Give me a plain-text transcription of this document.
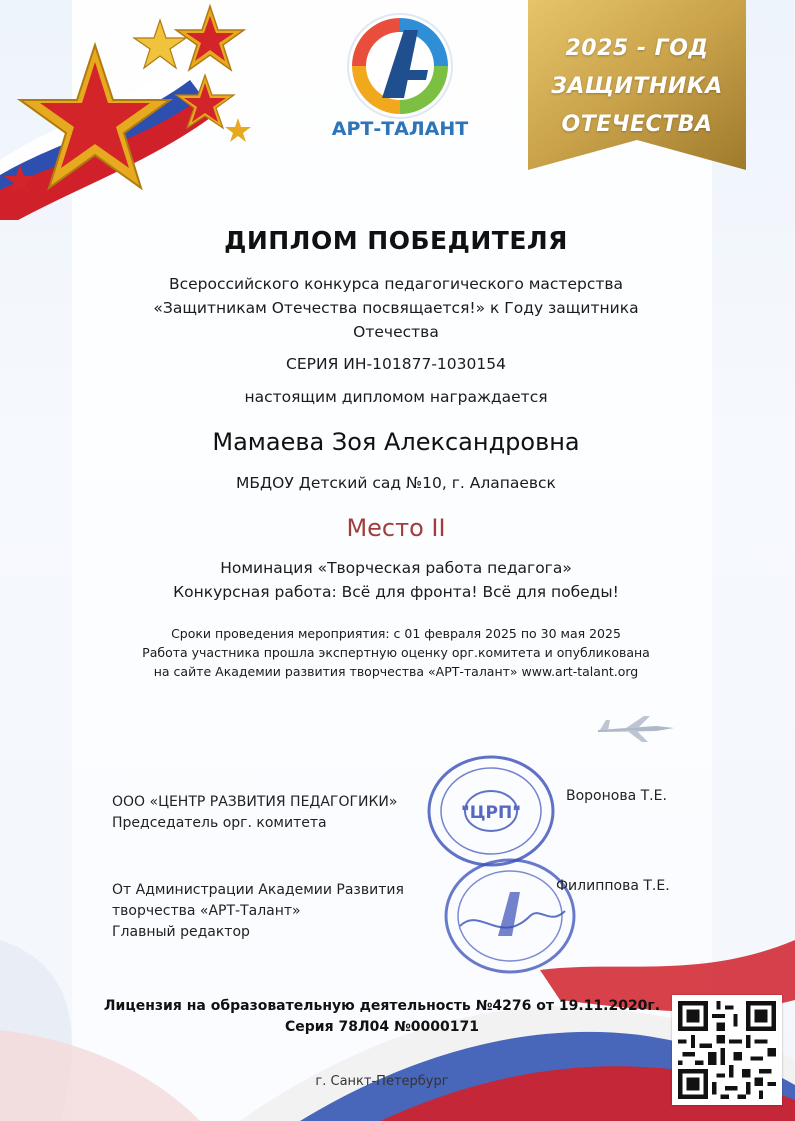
АРТ-ТАЛАНТ
2025 - ГОД
ЗАЩИТНИКА
ОТЕЧЕСТВА
ДИПЛОМ ПОБЕДИТЕЛЯ
Всероссийского конкурса педагогического мастерства
«Защитникам Отечества посвящается!» к Году защитника
Отечества
СЕРИЯ ИН-101877-1030154
настоящим дипломом награждается
Мамаева Зоя Александровна
МБДОУ Детский сад №10, г. Алапаевск
Место II
Номинация «Творческая работа педагога»
Конкурсная работа: Всё для фронта! Всё для победы!
Сроки проведения мероприятия: с 01 февраля 2025 по 30 мая 2025
Работа участника прошла экспертную оценку орг.комитета и опубликована
на сайте Академии развития творчества «АРТ-талант» www.art-talant.org
"ЦРП"
ООО «ЦЕНТР РАЗВИТИЯ ПЕДАГОГИКИ»
Председатель орг. комитета
Воронова Т.Е.
От Администрации Академии Развития
творчества «АРТ-Талант»
Главный редактор
Филиппова Т.Е.
Лицензия на образовательную деятельность №4276 от 19.11.2020г.
Серия 78Л04 №0000171
г. Санкт-Петербург
